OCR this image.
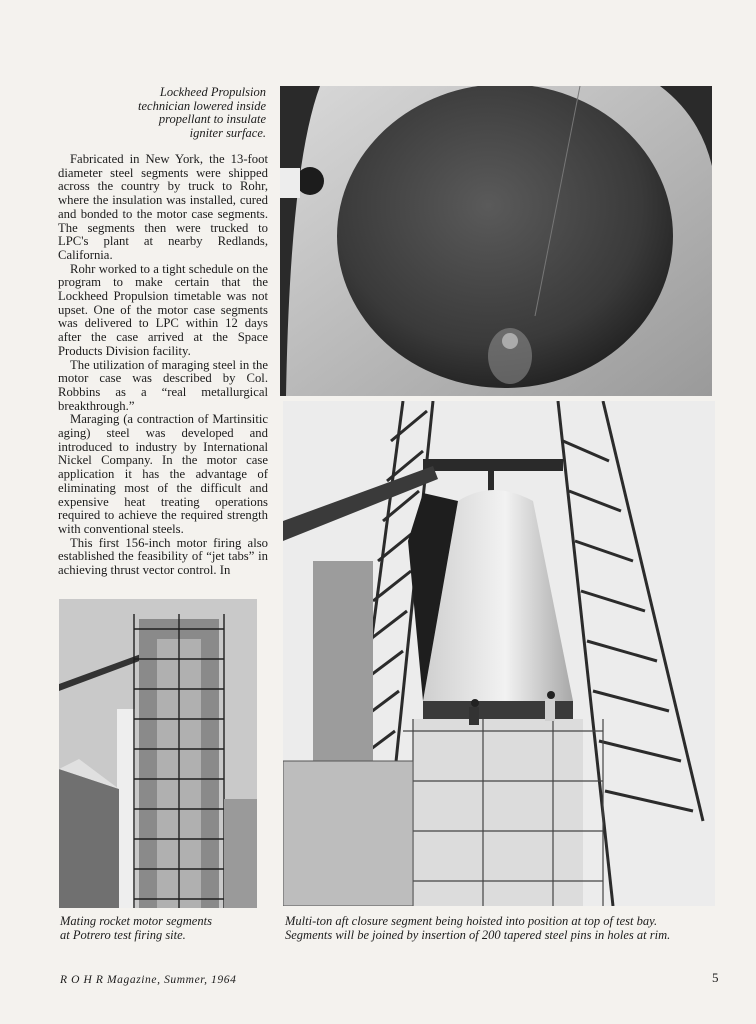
Lockheed Propulsion
technician lowered inside
propellant to insulate
igniter surface.

Fabricated in New York, the 13-foot diameter steel segments were shipped across the country by truck to Rohr, where the insulation was installed, cured and bonded to the motor case segments. The segments then were trucked to LPC's plant at nearby Redlands, California.

Rohr worked to a tight schedule on the program to make certain that the Lockheed Propulsion timetable was not upset. One of the motor case segments was delivered to LPC within 12 days after the case arrived at the Space Products Division facility.

The utilization of maraging steel in the motor case was described by Col. Robbins as a “real metallurgical breakthrough.”

Maraging (a contraction of Martinsitic aging) steel was developed and introduced to industry by International Nickel Company. In the motor case application it has the advantage of eliminating most of the difficult and expensive heat treating operations required to achieve the required strength with conventional steels.

This first 156-inch motor firing also established the feasibility of “jet tabs” in achieving thrust vector control. In

Mating rocket motor segments
at Potrero test firing site.
Multi-ton aft closure segment being hoisted into position at top of test bay.
Segments will be joined by insertion of 200 tapered steel pins in holes at rim.
R O H R Magazine, Summer, 1964	5
